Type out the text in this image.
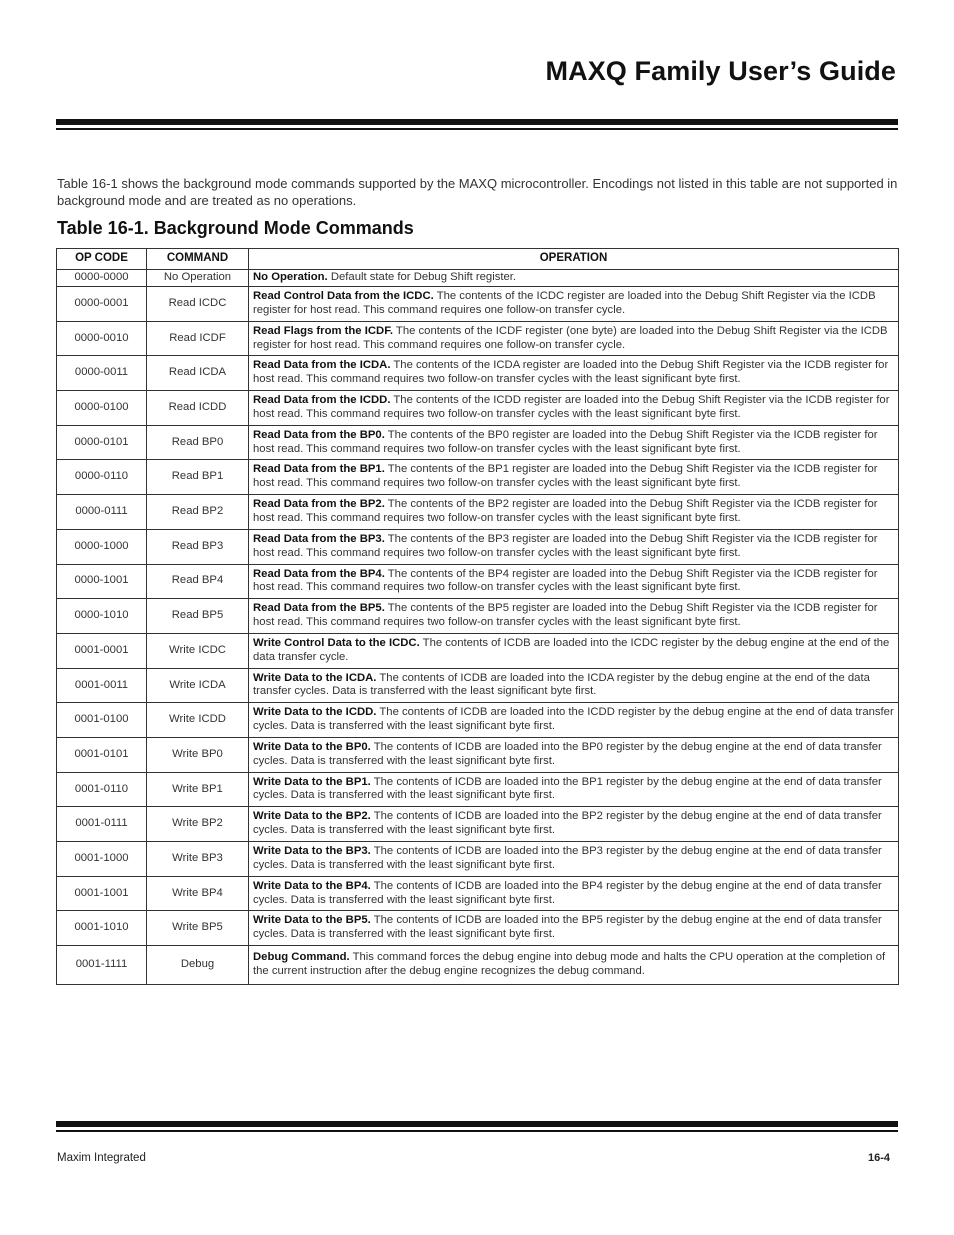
MAXQ Family User’s Guide

Table 16-1 shows the background mode commands supported by the MAXQ microcontroller. Encodings not listed in this table are not supported in background mode and are treated as no operations.

Table 16-1. Background Mode Commands
OP CODE	COMMAND	OPERATION
0000-0000	No Operation	No Operation. Default state for Debug Shift register.
0000-0001	Read ICDC	Read Control Data from the ICDC. The contents of the ICDC register are loaded into the Debug Shift Register via the ICDB register for host read. This command requires one follow-on transfer cycle.
0000-0010	Read ICDF	Read Flags from the ICDF. The contents of the ICDF register (one byte) are loaded into the Debug Shift Register via the ICDB register for host read. This command requires one follow-on transfer cycle.
0000-0011	Read ICDA	Read Data from the ICDA. The contents of the ICDA register are loaded into the Debug Shift Register via the ICDB register for host read. This command requires two follow-on transfer cycles with the least significant byte first.
0000-0100	Read ICDD	Read Data from the ICDD. The contents of the ICDD register are loaded into the Debug Shift Register via the ICDB register for host read. This command requires two follow-on transfer cycles with the least significant byte first.
0000-0101	Read BP0	Read Data from the BP0. The contents of the BP0 register are loaded into the Debug Shift Register via the ICDB register for host read. This command requires two follow-on transfer cycles with the least significant byte first.
0000-0110	Read BP1	Read Data from the BP1. The contents of the BP1 register are loaded into the Debug Shift Register via the ICDB register for host read. This command requires two follow-on transfer cycles with the least significant byte first.
0000-0111	Read BP2	Read Data from the BP2. The contents of the BP2 register are loaded into the Debug Shift Register via the ICDB register for host read. This command requires two follow-on transfer cycles with the least significant byte first.
0000-1000	Read BP3	Read Data from the BP3. The contents of the BP3 register are loaded into the Debug Shift Register via the ICDB register for host read. This command requires two follow-on transfer cycles with the least significant byte first.
0000-1001	Read BP4	Read Data from the BP4. The contents of the BP4 register are loaded into the Debug Shift Register via the ICDB register for host read. This command requires two follow-on transfer cycles with the least significant byte first.
0000-1010	Read BP5	Read Data from the BP5. The contents of the BP5 register are loaded into the Debug Shift Register via the ICDB register for host read. This command requires two follow-on transfer cycles with the least significant byte first.
0001-0001	Write ICDC	Write Control Data to the ICDC. The contents of ICDB are loaded into the ICDC register by the debug engine at the end of the data transfer cycle.
0001-0011	Write ICDA	Write Data to the ICDA. The contents of ICDB are loaded into the ICDA register by the debug engine at the end of the data transfer cycles. Data is transferred with the least significant byte first.
0001-0100	Write ICDD	Write Data to the ICDD. The contents of ICDB are loaded into the ICDD register by the debug engine at the end of data transfer cycles. Data is transferred with the least significant byte first.
0001-0101	Write BP0	Write Data to the BP0. The contents of ICDB are loaded into the BP0 register by the debug engine at the end of data transfer cycles. Data is transferred with the least significant byte first.
0001-0110	Write BP1	Write Data to the BP1. The contents of ICDB are loaded into the BP1 register by the debug engine at the end of data transfer cycles. Data is transferred with the least significant byte first.
0001-0111	Write BP2	Write Data to the BP2. The contents of ICDB are loaded into the BP2 register by the debug engine at the end of data transfer cycles. Data is transferred with the least significant byte first.
0001-1000	Write BP3	Write Data to the BP3. The contents of ICDB are loaded into the BP3 register by the debug engine at the end of data transfer cycles. Data is transferred with the least significant byte first.
0001-1001	Write BP4	Write Data to the BP4. The contents of ICDB are loaded into the BP4 register by the debug engine at the end of data transfer cycles. Data is transferred with the least significant byte first.
0001-1010	Write BP5	Write Data to the BP5. The contents of ICDB are loaded into the BP5 register by the debug engine at the end of data transfer cycles. Data is transferred with the least significant byte first.
0001-1111	Debug	Debug Command. This command forces the debug engine into debug mode and halts the CPU operation at the completion of the current instruction after the debug engine recognizes the debug command.
Maxim Integrated	16-4
